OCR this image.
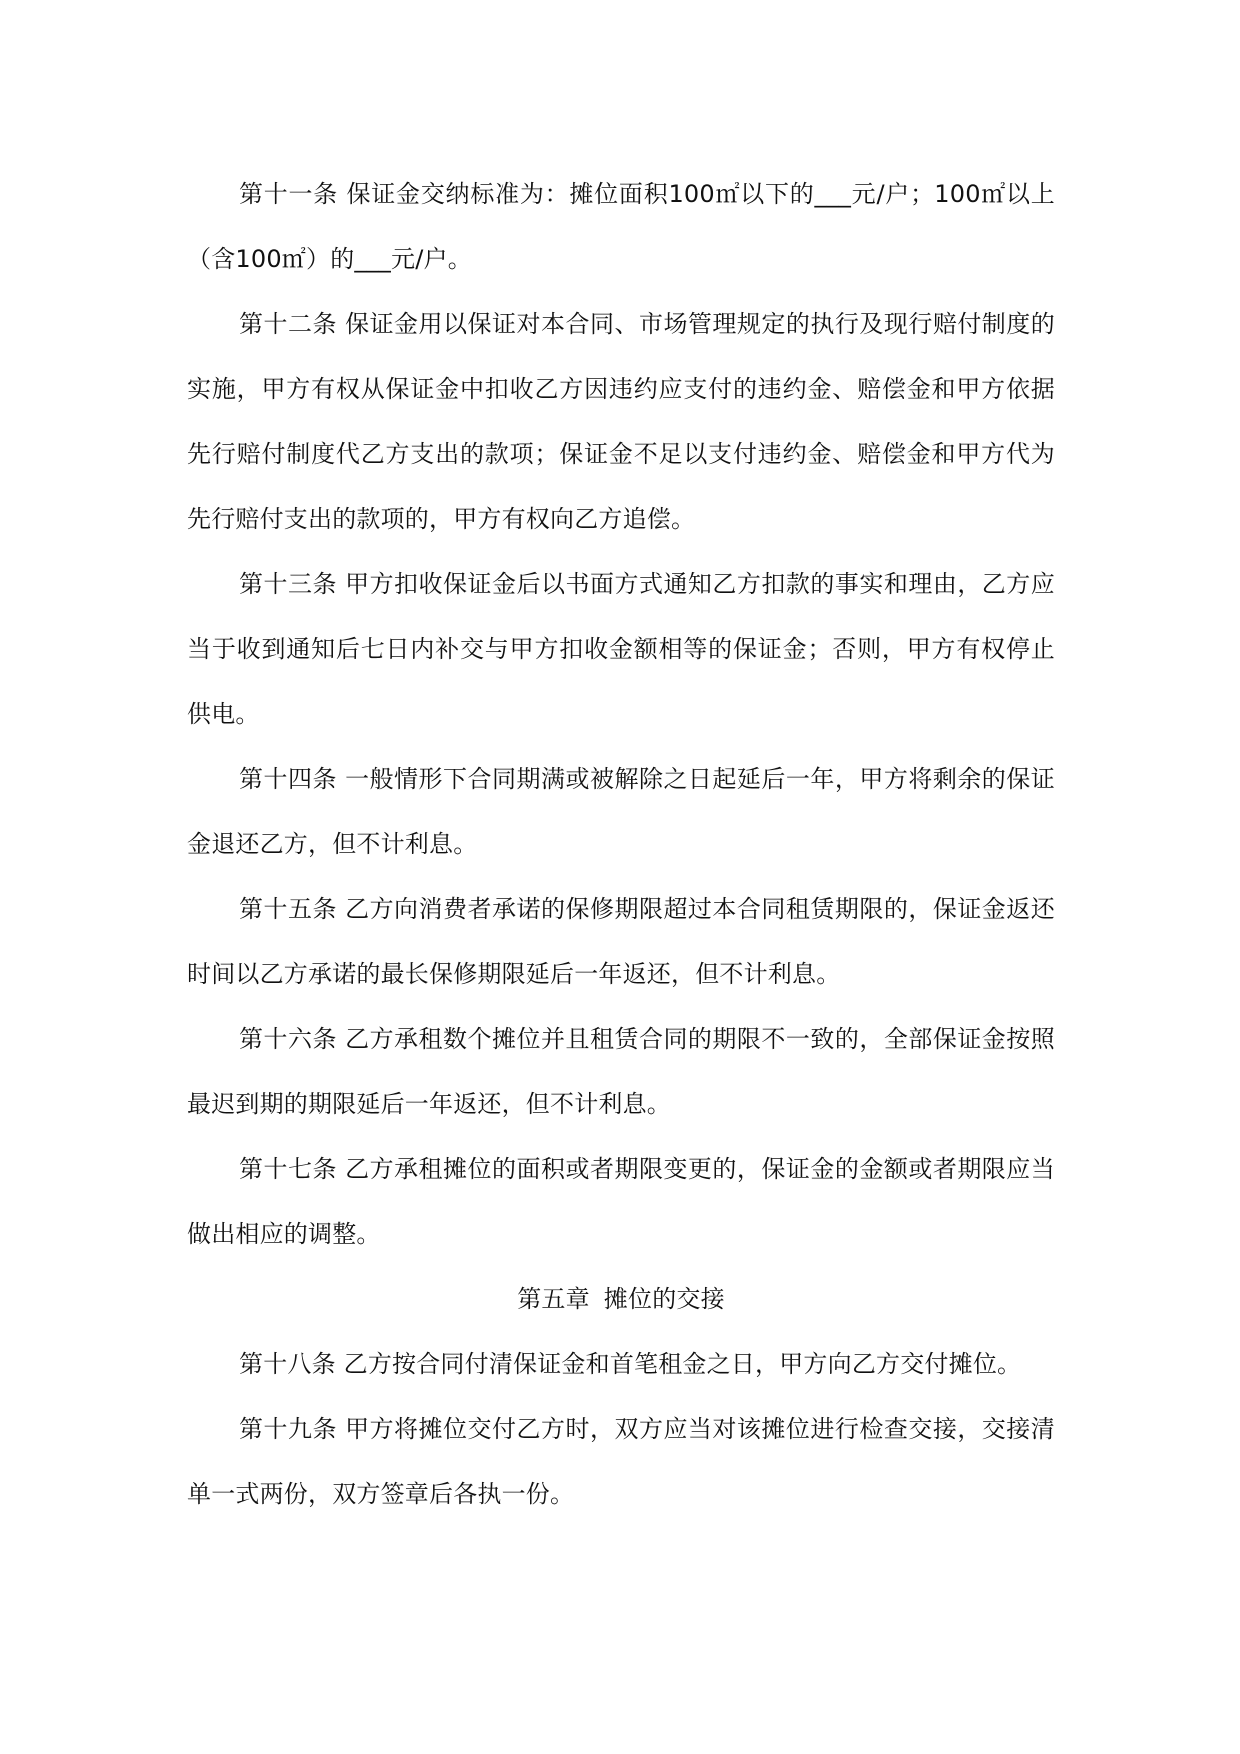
第十一条 保证金交纳标准为：摊位面积100㎡以下的___元/户；100㎡以上（含100㎡）的___元/户。

第十二条 保证金用以保证对本合同、市场管理规定的执行及现行赔付制度的实施，甲方有权从保证金中扣收乙方因违约应支付的违约金、赔偿金和甲方依据先行赔付制度代乙方支出的款项；保证金不足以支付违约金、赔偿金和甲方代为先行赔付支出的款项的，甲方有权向乙方追偿。

第十三条 甲方扣收保证金后以书面方式通知乙方扣款的事实和理由，乙方应当于收到通知后七日内补交与甲方扣收金额相等的保证金；否则，甲方有权停止供电。

第十四条 一般情形下合同期满或被解除之日起延后一年，甲方将剩余的保证金退还乙方，但不计利息。

第十五条 乙方向消费者承诺的保修期限超过本合同租赁期限的，保证金返还时间以乙方承诺的最长保修期限延后一年返还，但不计利息。

第十六条 乙方承租数个摊位并且租赁合同的期限不一致的，全部保证金按照最迟到期的期限延后一年返还，但不计利息。

第十七条 乙方承租摊位的面积或者期限变更的，保证金的金额或者期限应当做出相应的调整。

第五章 摊位的交接

第十八条 乙方按合同付清保证金和首笔租金之日，甲方向乙方交付摊位。

第十九条 甲方将摊位交付乙方时，双方应当对该摊位进行检查交接，交接清单一式两份，双方签章后各执一份。
